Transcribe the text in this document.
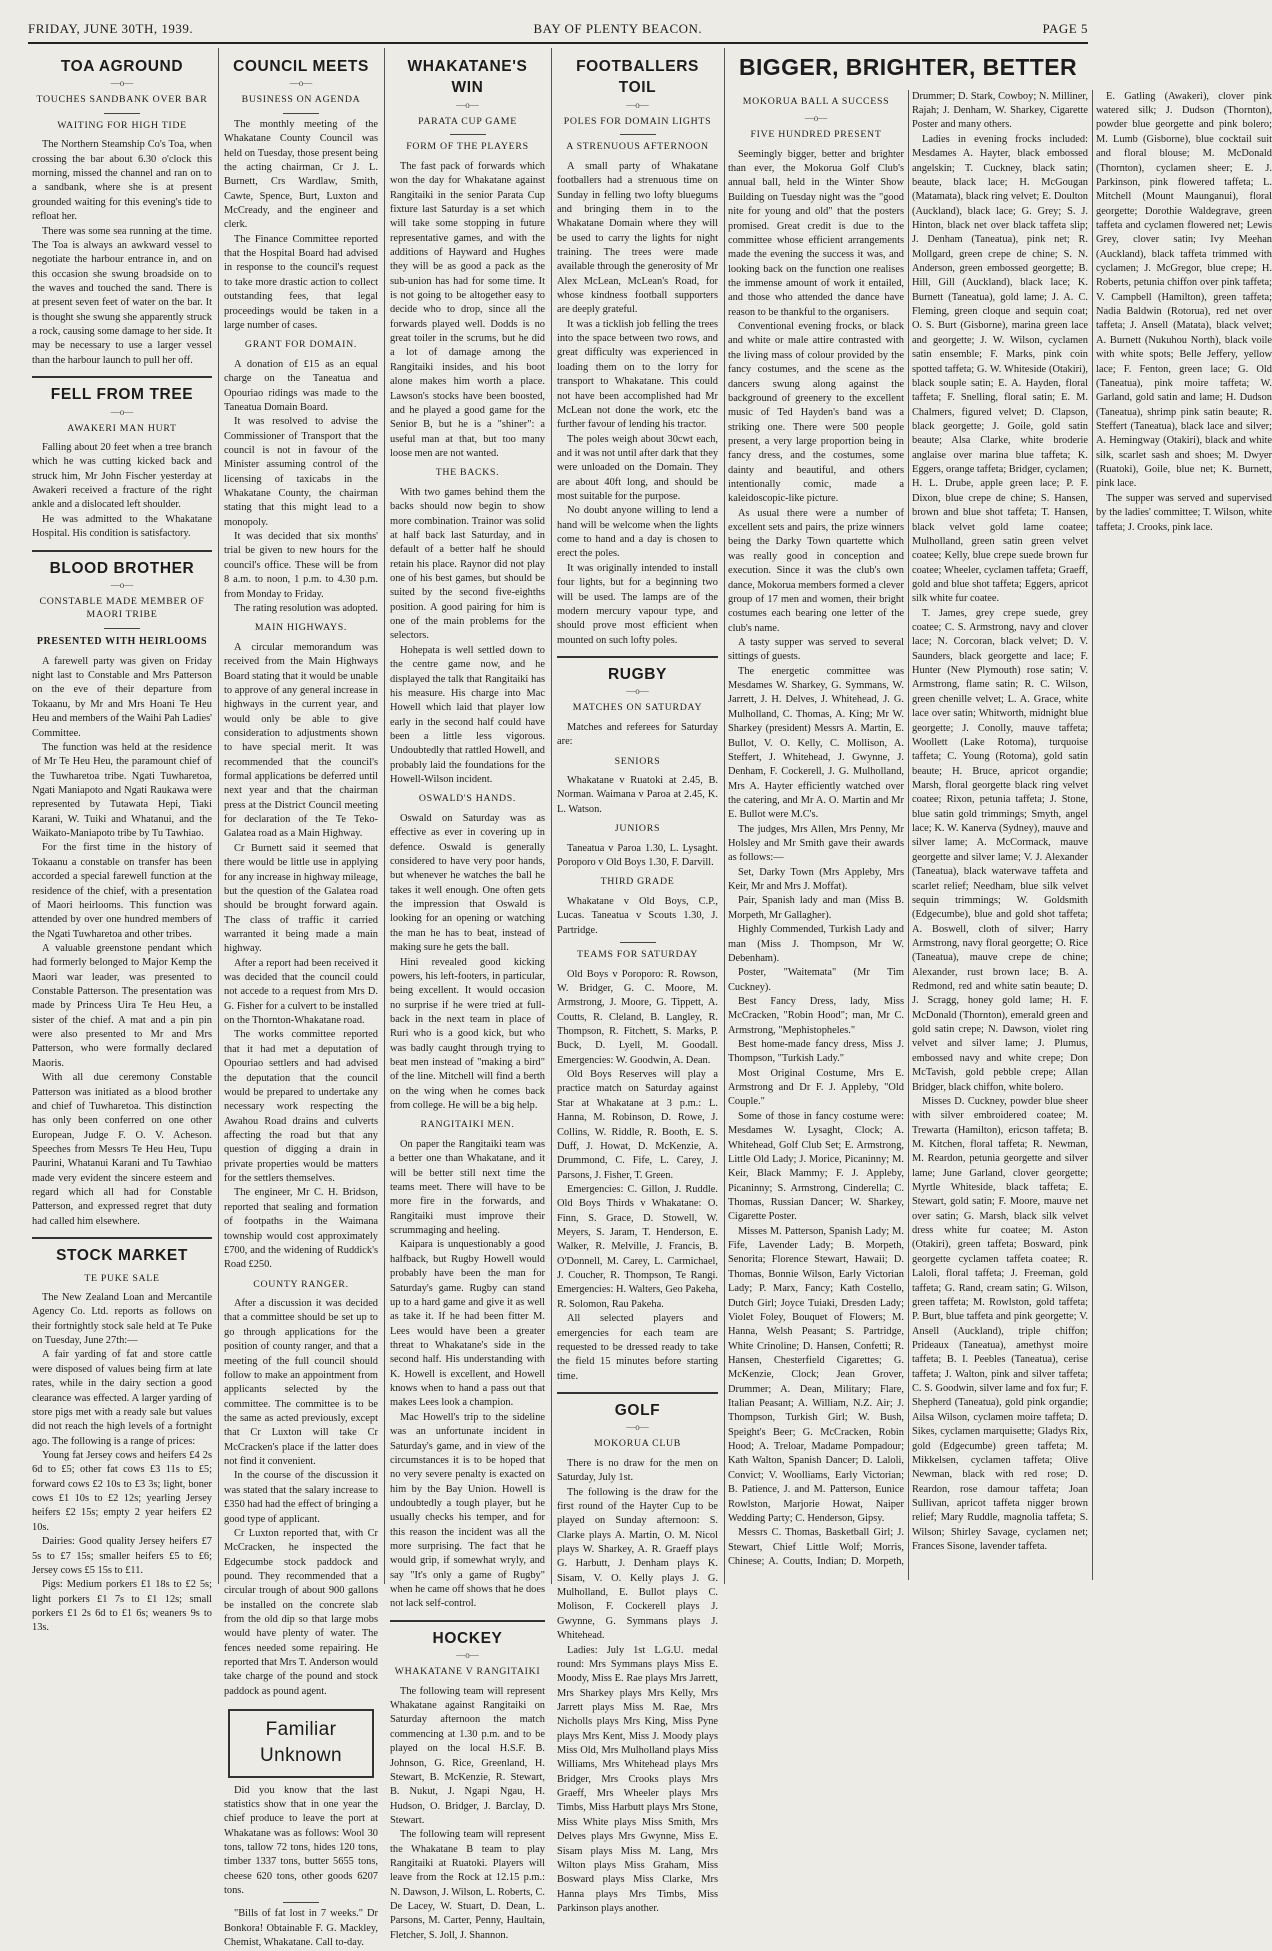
FRIDAY, JUNE 30TH, 1939.	BAY OF PLENTY BEACON.	PAGE 5
TOA AGROUND
—o—
TOUCHES SANDBANK OVER BAR
WAITING FOR HIGH TIDE

The Northern Steamship Co's Toa, when crossing the bar about 6.30 o'clock this morning, missed the channel and ran on to a sandbank, where she is at present grounded waiting for this evening's tide to refloat her.

There was some sea running at the time. The Toa is always an awkward vessel to negotiate the harbour entrance in, and on this occasion she swung broadside on to the waves and touched the sand. There is at present seven feet of water on the bar. It is thought she swung she apparently struck a rock, causing some damage to her side. It may be necessary to use a larger vessel than the harbour launch to pull her off.

FELL FROM TREE
—o—
AWAKERI MAN HURT

Falling about 20 feet when a tree branch which he was cutting kicked back and struck him, Mr John Fischer yesterday at Awakeri received a fracture of the right ankle and a dislocated left shoulder.

He was admitted to the Whakatane Hospital. His condition is satisfactory.

BLOOD BROTHER
—o—
CONSTABLE MADE MEMBER OF MAORI TRIBE
PRESENTED WITH HEIRLOOMS

A farewell party was given on Friday night last to Constable and Mrs Patterson on the eve of their departure from Tokaanu, by Mr and Mrs Hoani Te Heu Heu and members of the Waihi Pah Ladies' Committee.

The function was held at the residence of Mr Te Heu Heu, the paramount chief of the Tuwharetoa tribe. Ngati Tuwharetoa, Ngati Maniapoto and Ngati Raukawa were represented by Tutawata Hepi, Tiaki Karani, W. Tuiki and Whatanui, and the Waikato-Maniapoto tribe by Tu Tawhiao.

For the first time in the history of Tokaanu a constable on transfer has been accorded a special farewell function at the residence of the chief, with a presentation of Maori heirlooms. This function was attended by over one hundred members of the Ngati Tuwharetoa and other tribes.

A valuable greenstone pendant which had formerly belonged to Major Kemp the Maori war leader, was presented to Constable Patterson. The presentation was made by Princess Uira Te Heu Heu, a sister of the chief. A mat and a pin pin were also presented to Mr and Mrs Patterson, who were formally declared Maoris.

With all due ceremony Constable Patterson was initiated as a blood brother and chief of Tuwharetoa. This distinction has only been conferred on one other European, Judge F. O. V. Acheson. Speeches from Messrs Te Heu Heu, Tupu Paurini, Whatanui Karani and Tu Tawhiao made very evident the sincere esteem and regard which all had for Constable Patterson, and expressed regret that duty had called him elsewhere.

STOCK MARKET
TE PUKE SALE

The New Zealand Loan and Mercantile Agency Co. Ltd. reports as follows on their fortnightly stock sale held at Te Puke on Tuesday, June 27th:—

A fair yarding of fat and store cattle were disposed of values being firm at late rates, while in the dairy section a good clearance was effected. A larger yarding of store pigs met with a ready sale but values did not reach the high levels of a fortnight ago. The following is a range of prices:

Young fat Jersey cows and heifers £4 2s 6d to £5; other fat cows £3 11s to £5; forward cows £2 10s to £3 3s; light, boner cows £1 10s to £2 12s; yearling Jersey heifers £2 15s; empty 2 year heifers £2 10s.

Dairies: Good quality Jersey heifers £7 5s to £7 15s; smaller heifers £5 to £6; Jersey cows £5 15s to £11.

Pigs: Medium porkers £1 18s to £2 5s; light porkers £1 7s to £1 12s; small porkers £1 2s 6d to £1 6s; weaners 9s to 13s.

COUNCIL MEETS
—o—
BUSINESS ON AGENDA

The monthly meeting of the Whakatane County Council was held on Tuesday, those present being the acting chairman, Cr J. L. Burnett, Crs Wardlaw, Smith, Cawte, Spence, Burt, Luxton and McCready, and the engineer and clerk.

The Finance Committee reported that the Hospital Board had advised in response to the council's request to take more drastic action to collect outstanding fees, that legal proceedings would be taken in a large number of cases.

GRANT FOR DOMAIN.

A donation of £15 as an equal charge on the Taneatua and Opouriao ridings was made to the Taneatua Domain Board.

It was resolved to advise the Commissioner of Transport that the council is not in favour of the Minister assuming control of the licensing of taxicabs in the Whakatane County, the chairman stating that this might lead to a monopoly.

It was decided that six months' trial be given to new hours for the council's office. These will be from 8 a.m. to noon, 1 p.m. to 4.30 p.m. from Monday to Friday.

The rating resolution was adopted.

MAIN HIGHWAYS.

A circular memorandum was received from the Main Highways Board stating that it would be unable to approve of any general increase in highways in the current year, and would only be able to give consideration to adjustments shown to have special merit. It was recommended that the council's formal applications be deferred until next year and that the chairman press at the District Council meeting for declaration of the Te Teko-Galatea road as a Main Highway.

Cr Burnett said it seemed that there would be little use in applying for any increase in highway mileage, but the question of the Galatea road should be brought forward again. The class of traffic it carried warranted it being made a main highway.

After a report had been received it was decided that the council could not accede to a request from Mrs D. G. Fisher for a culvert to be installed on the Thornton-Whakatane road.

The works committee reported that it had met a deputation of Opouriao settlers and had advised the deputation that the council would be prepared to undertake any necessary work respecting the Awahou Road drains and culverts affecting the road but that any question of digging a drain in private properties would be matters for the settlers themselves.

The engineer, Mr C. H. Bridson, reported that sealing and formation of footpaths in the Waimana township would cost approximately £700, and the widening of Ruddick's Road £250.

COUNTY RANGER.

After a discussion it was decided that a committee should be set up to go through applications for the position of county ranger, and that a meeting of the full council should follow to make an appointment from applicants selected by the committee. The committee is to be the same as acted previously, except that Cr Luxton will take Cr McCracken's place if the latter does not find it convenient.

In the course of the discussion it was stated that the salary increase to £350 had had the effect of bringing a good type of applicant.

Cr Luxton reported that, with Cr McCracken, he inspected the Edgecumbe stock paddock and pound. They recommended that a circular trough of about 900 gallons be installed on the concrete slab from the old dip so that large mobs would have plenty of water. The fences needed some repairing. He reported that Mrs T. Anderson would take charge of the pound and stock paddock as pound agent.

Familiar Unknown

Did you know that the last statistics show that in one year the chief produce to leave the port at Whakatane was as follows: Wool 30 tons, tallow 72 tons, hides 120 tons, timber 1337 tons, butter 5655 tons, cheese 620 tons, other goods 6207 tons.

"Bills of fat lost in 7 weeks." Dr Bonkora! Obtainable F. G. Mackley, Chemist, Whakatane. Call to-day.

WHAKATANE'S WIN
—o—
PARATA CUP GAME
FORM OF THE PLAYERS

The fast pack of forwards which won the day for Whakatane against Rangitaiki in the senior Parata Cup fixture last Saturday is a set which will take some stopping in future representative games, and with the additions of Hayward and Hughes they will be as good a pack as the sub-union has had for some time. It is not going to be altogether easy to decide who to drop, since all the forwards played well. Dodds is no great toiler in the scrums, but he did a lot of damage among the Rangitaiki insides, and his boot alone makes him worth a place. Lawson's stocks have been boosted, and he played a good game for the Senior B, but he is a "shiner": a useful man at that, but too many loose men are not wanted.

THE BACKS.

With two games behind them the backs should now begin to show more combination. Trainor was solid at half back last Saturday, and in default of a better half he should retain his place. Raynor did not play one of his best games, but should be suited by the second five-eighths position. A good pairing for him is one of the main problems for the selectors.

Hohepata is well settled down to the centre game now, and he displayed the talk that Rangitaiki has his measure. His charge into Mac Howell which laid that player low early in the second half could have been a little less vigorous. Undoubtedly that rattled Howell, and probably laid the foundations for the Howell-Wilson incident.

OSWALD'S HANDS.

Oswald on Saturday was as effective as ever in covering up in defence. Oswald is generally considered to have very poor hands, but whenever he watches the ball he takes it well enough. One often gets the impression that Oswald is looking for an opening or watching the man he has to beat, instead of making sure he gets the ball.

Hini revealed good kicking powers, his left-footers, in particular, being excellent. It would occasion no surprise if he were tried at full-back in the next team in place of Ruri who is a good kick, but who was badly caught through trying to beat men instead of "making a bird" of the line. Mitchell will find a berth on the wing when he comes back from college. He will be a big help.

RANGITAIKI MEN.

On paper the Rangitaiki team was a better one than Whakatane, and it will be better still next time the teams meet. There will have to be more fire in the forwards, and Rangitaiki must improve their scrummaging and heeling.

Kaipara is unquestionably a good halfback, but Rugby Howell would probably have been the man for Saturday's game. Rugby can stand up to a hard game and give it as well as take it. If he had been fitter M. Lees would have been a greater threat to Whakatane's side in the second half. His understanding with K. Howell is excellent, and Howell knows when to hand a pass out that makes Lees look a champion.

Mac Howell's trip to the sideline was an unfortunate incident in Saturday's game, and in view of the circumstances it is to be hoped that no very severe penalty is exacted on him by the Bay Union. Howell is undoubtedly a tough player, but he usually checks his temper, and for this reason the incident was all the more surprising. The fact that he would grip, if somewhat wryly, and say "It's only a game of Rugby" when he came off shows that he does not lack self-control.

HOCKEY
—o—
WHAKATANE V RANGITAIKI

The following team will represent Whakatane against Rangitaiki on Saturday afternoon the match commencing at 1.30 p.m. and to be played on the local H.S.F. B. Johnson, G. Rice, Greenland, H. Stewart, B. McKenzie, R. Stewart, B. Nukut, J. Ngapi Ngau, H. Hudson, O. Bridger, J. Barclay, D. Stewart.

The following team will represent the Whakatane B team to play Rangitaiki at Ruatoki. Players will leave from the Rock at 12.15 p.m.: N. Dawson, J. Wilson, L. Roberts, C. De Lacey, W. Stuart, D. Dean, L. Parsons, M. Carter, Penny, Haultain, Fletcher, S. Joll, J. Shannon.

FOOTBALLERS TOIL
—o—
POLES FOR DOMAIN LIGHTS
A STRENUOUS AFTERNOON

A small party of Whakatane footballers had a strenuous time on Sunday in felling two lofty bluegums and bringing them in to the Whakatane Domain where they will be used to carry the lights for night training. The trees were made available through the generosity of Mr Alex McLean, McLean's Road, for whose kindness football supporters are deeply grateful.

It was a ticklish job felling the trees into the space between two rows, and great difficulty was experienced in loading them on to the lorry for transport to Whakatane. This could not have been accomplished had Mr McLean not done the work, etc the further favour of lending his tractor.

The poles weigh about 30cwt each, and it was not until after dark that they were unloaded on the Domain. They are about 40ft long, and should be most suitable for the purpose.

No doubt anyone willing to lend a hand will be welcome when the lights come to hand and a day is chosen to erect the poles.

It was originally intended to install four lights, but for a beginning two will be used. The lamps are of the modern mercury vapour type, and should prove most efficient when mounted on such lofty poles.

RUGBY
—o—
MATCHES ON SATURDAY

Matches and referees for Saturday are:

SENIORS

Whakatane v Ruatoki at 2.45, B. Norman. Waimana v Paroa at 2.45, K. L. Watson.

JUNIORS

Taneatua v Paroa 1.30, L. Lysaght. Poroporo v Old Boys 1.30, F. Darvill.

THIRD GRADE

Whakatane v Old Boys, C.P., Lucas. Taneatua v Scouts 1.30, J. Partridge.

TEAMS FOR SATURDAY

Old Boys v Poroporo: R. Rowson, W. Bridger, G. C. Moore, M. Armstrong, J. Moore, G. Tippett, A. Coutts, R. Cleland, B. Langley, R. Thompson, R. Fitchett, S. Marks, P. Buck, D. Lyell, M. Goodall. Emergencies: W. Goodwin, A. Dean.

Old Boys Reserves will play a practice match on Saturday against Star at Whakatane at 3 p.m.: L. Hanna, M. Robinson, D. Rowe, J. Collins, W. Riddle, R. Booth, E. S. Duff, J. Howat, D. McKenzie, A. Drummond, C. Fife, L. Carey, J. Parsons, J. Fisher, T. Green.

Emergencies: C. Gillon, J. Ruddle. Old Boys Thirds v Whakatane: O. Finn, S. Grace, D. Stowell, W. Meyers, S. Jaram, T. Henderson, E. Walker, R. Melville, J. Francis, B. O'Donnell, M. Carey, L. Carmichael, J. Coucher, R. Thompson, Te Rangi. Emergencies: H. Walters, Geo Pakeha, R. Solomon, Rau Pakeha.

All selected players and emergencies for each team are requested to be dressed ready to take the field 15 minutes before starting time.

GOLF
—o—
MOKORUA CLUB

There is no draw for the men on Saturday, July 1st.

The following is the draw for the first round of the Hayter Cup to be played on Sunday afternoon: S. Clarke plays A. Martin, O. M. Nicol plays W. Sharkey, A. R. Graeff plays G. Harbutt, J. Denham plays K. Sisam, V. O. Kelly plays J. G. Mulholland, E. Bullot plays C. Molison, F. Cockerell plays J. Gwynne, G. Symmans plays J. Whitehead.

Ladies: July 1st L.G.U. medal round: Mrs Symmans plays Miss E. Moody, Miss E. Rae plays Mrs Jarrett, Mrs Sharkey plays Mrs Kelly, Mrs Jarrett plays Miss M. Rae, Mrs Nicholls plays Mrs King, Miss Pyne plays Mrs Kent, Miss J. Moody plays Miss Old, Mrs Mulholland plays Miss Williams, Mrs Whitehead plays Mrs Bridger, Mrs Crooks plays Mrs Graeff, Mrs Wheeler plays Mrs Timbs, Miss Harbutt plays Mrs Stone, Miss White plays Miss Smith, Mrs Delves plays Mrs Gwynne, Miss E. Sisam plays Miss M. Lang, Mrs Wilton plays Miss Graham, Miss Bosward plays Miss Clarke, Mrs Hanna plays Mrs Timbs, Miss Parkinson plays another.

BIGGER, BRIGHTER, BETTER
MOKORUA BALL A SUCCESS
—o—
FIVE HUNDRED PRESENT

Seemingly bigger, better and brighter than ever, the Mokorua Golf Club's annual ball, held in the Winter Show Building on Tuesday night was the "good nite for young and old" that the posters promised. Great credit is due to the committee whose efficient arrangements made the evening the success it was, and looking back on the function one realises the immense amount of work it entailed, and those who attended the dance have reason to be thankful to the organisers.

Conventional evening frocks, or black and white or male attire contrasted with the living mass of colour provided by the fancy costumes, and the scene as the dancers swung along against the background of greenery to the excellent music of Ted Hayden's band was a striking one. There were 500 people present, a very large proportion being in fancy dress, and the costumes, some dainty and beautiful, and others intentionally comic, made a kaleidoscopic-like picture.

As usual there were a number of excellent sets and pairs, the prize winners being the Darky Town quartette which was really good in conception and execution. Since it was the club's own dance, Mokorua members formed a clever group of 17 men and women, their bright costumes each bearing one letter of the club's name.

A tasty supper was served to several sittings of guests.

The energetic committee was Mesdames W. Sharkey, G. Symmans, W. Jarrett, J. H. Delves, J. Whitehead, J. G. Mulholland, C. Thomas, A. King; Mr W. Sharkey (president) Messrs A. Martin, E. Bullot, V. O. Kelly, C. Mollison, A. Steffert, J. Whitehead, J. Gwynne, J. Denham, F. Cockerell, J. G. Mulholland, Mrs A. Hayter efficiently watched over the catering, and Mr A. O. Martin and Mr E. Bullot were M.C's.

The judges, Mrs Allen, Mrs Penny, Mr Holsley and Mr Smith gave their awards as follows:—

Set, Darky Town (Mrs Appleby, Mrs Keir, Mr and Mrs J. Moffat).

Pair, Spanish lady and man (Miss B. Morpeth, Mr Gallagher).

Highly Commended, Turkish Lady and man (Miss J. Thompson, Mr W. Debenham).

Poster, "Waitemata" (Mr Tim Cuckney).

Best Fancy Dress, lady, Miss McCracken, "Robin Hood"; man, Mr C. Armstrong, "Mephistopheles."

Best home-made fancy dress, Miss J. Thompson, "Turkish Lady."

Most Original Costume, Mrs E. Armstrong and Dr F. J. Appleby, "Old Couple."

Some of those in fancy costume were: Mesdames W. Lysaght, Clock; A. Whitehead, Golf Club Set; E. Armstrong, Little Old Lady; J. Morice, Picaninny; M. Keir, Black Mammy; F. J. Appleby, Picaninny; S. Armstrong, Cinderella; C. Thomas, Russian Dancer; W. Sharkey, Cigarette Poster.

Misses M. Patterson, Spanish Lady; M. Fife, Lavender Lady; B. Morpeth, Senorita; Florence Stewart, Hawaii; D. Thomas, Bonnie Wilson, Early Victorian Lady; P. Marx, Fancy; Kath Costello, Dutch Girl; Joyce Tuiaki, Dresden Lady; Violet Foley, Bouquet of Flowers; M. Hanna, Welsh Peasant; S. Partridge, White Crinoline; D. Hansen, Confetti; R. Hansen, Chesterfield Cigarettes; G. McKenzie, Clock; Jean Grover, Drummer; A. Dean, Military; Flare, Italian Peasant; A. William, N.Z. Air; J. Thompson, Turkish Girl; W. Bush, Speight's Beer; G. McCracken, Robin Hood; A. Treloar, Madame Pompadour; Kath Walton, Spanish Dancer; D. Laloli, Convict; V. Woolliams, Early Victorian; B. Patience, J. and M. Patterson, Eunice Rowlston, Marjorie Howat, Naiper Wedding Party; C. Henderson, Gipsy.

Messrs C. Thomas, Basketball Girl; J. Stewart, Chief Little Wolf; Morris, Chinese; A. Coutts, Indian; D. Morpeth, Drummer; D. Stark, Cowboy; N. Milliner, Rajah; J. Denham, W. Sharkey, Cigarette Poster and many others.

Ladies in evening frocks included: Mesdames A. Hayter, black embossed angelskin; T. Cuckney, black satin; beaute, black lace; H. McGougan (Matamata), black ring velvet; E. Doulton (Auckland), black lace; G. Grey; S. J. Hinton, black net over black taffeta slip; J. Denham (Taneatua), pink net; R. Mollgard, green crepe de chine; S. N. Anderson, green embossed georgette; B. Hill, Gill (Auckland), black lace; K. Burnett (Taneatua), gold lame; J. A. C. Fleming, green cloque and sequin coat; O. S. Burt (Gisborne), marina green lace and georgette; J. W. Wilson, cyclamen satin ensemble; F. Marks, pink coin spotted taffeta; G. W. Whiteside (Otakiri), black souple satin; E. A. Hayden, floral taffeta; F. Snelling, floral satin; E. M. Chalmers, figured velvet; D. Clapson, black georgette; J. Goile, gold satin beaute; Alsa Clarke, white broderie anglaise over marina blue taffeta; K. Eggers, orange taffeta; Bridger, cyclamen; H. L. Drube, apple green lace; P. F. Dixon, blue crepe de chine; S. Hansen, brown and blue shot taffeta; T. Hansen, black velvet gold lame coatee; Mulholland, green satin green velvet coatee; Kelly, blue crepe suede brown fur coatee; Wheeler, cyclamen taffeta; Graeff, gold and blue shot taffeta; Eggers, apricot silk white fur coatee.

T. James, grey crepe suede, grey coatee; C. S. Armstrong, navy and clover lace; N. Corcoran, black velvet; D. V. Saunders, black georgette and lace; F. Hunter (New Plymouth) rose satin; V. Armstrong, flame satin; R. C. Wilson, green chenille velvet; L. A. Grace, white lace over satin; Whitworth, midnight blue georgette; J. Conolly, mauve taffeta; Woollett (Lake Rotoma), turquoise taffeta; C. Young (Rotoma), gold satin beaute; H. Bruce, apricot organdie; Marsh, floral georgette black ring velvet coatee; Rixon, petunia taffeta; J. Stone, blue satin gold trimmings; Smyth, angel lace; K. W. Kanerva (Sydney), mauve and silver lame; A. McCormack, mauve georgette and silver lame; V. J. Alexander (Taneatua), black waterwave taffeta and scarlet relief; Needham, blue silk velvet sequin trimmings; W. Goldsmith (Edgecumbe), blue and gold shot taffeta; A. Boswell, cloth of silver; Harry Armstrong, navy floral georgette; O. Rice (Taneatua), mauve crepe de chine; Alexander, rust brown lace; B. A. Redmond, red and white satin beaute; D. J. Scragg, honey gold lame; H. F. McDonald (Thornton), emerald green and gold satin crepe; N. Dawson, violet ring velvet and silver lame; J. Plumus, embossed navy and white crepe; Don McTavish, gold pebble crepe; Allan Bridger, black chiffon, white bolero.

Misses D. Cuckney, powder blue sheer with silver embroidered coatee; M. Trewarta (Hamilton), ericson taffeta; B. M. Kitchen, floral taffeta; R. Newman, M. Reardon, petunia georgette and silver lame; June Garland, clover georgette; Myrtle Whiteside, black taffeta; E. Stewart, gold satin; F. Moore, mauve net over satin; G. Marsh, black silk velvet dress white fur coatee; M. Aston (Otakiri), green taffeta; Bosward, pink georgette cyclamen taffeta coatee; R. Laloli, floral taffeta; J. Freeman, gold taffeta; G. Rand, cream satin; G. Wilson, green taffeta; M. Rowlston, gold taffeta; P. Burt, blue taffeta and pink georgette; V. Ansell (Auckland), triple chiffon; Prideaux (Taneatua), amethyst moire taffeta; B. I. Peebles (Taneatua), cerise taffeta; J. Walton, pink and silver taffeta; C. S. Goodwin, silver lame and fox fur; F. Shepherd (Taneatua), gold pink organdie; Ailsa Wilson, cyclamen moire taffeta; D. Sikes, cyclamen marquisette; Gladys Rix, gold (Edgecumbe) green taffeta; M. Mikkelsen, cyclamen taffeta; Olive Newman, black with red rose; D. Reardon, rose damour taffeta; Joan Sullivan, apricot taffeta nigger brown relief; Mary Ruddle, magnolia taffeta; S. Wilson; Shirley Savage, cyclamen net; Frances Sisone, lavender taffeta.

E. Gatling (Awakeri), clover pink watered silk; J. Dudson (Thornton), powder blue georgette and pink bolero; M. Lumb (Gisborne), blue cocktail suit and floral blouse; M. McDonald (Thornton), cyclamen sheer; E. J. Parkinson, pink flowered taffeta; L. Mitchell (Mount Maunganui), floral georgette; Dorothie Waldegrave, green taffeta and cyclamen flowered net; Lewis Grey, clover satin; Ivy Meehan (Auckland), black taffeta trimmed with cyclamen; J. McGregor, blue crepe; H. Roberts, petunia chiffon over pink taffeta; V. Campbell (Hamilton), green taffeta; Nadia Baldwin (Rotorua), red net over taffeta; J. Ansell (Matata), black velvet; A. Burnett (Nukuhou North), black voile with white spots; Belle Jeffery, yellow lace; F. Fenton, green lace; G. Old (Taneatua), pink moire taffeta; W. Garland, gold satin and lame; H. Dudson (Taneatua), shrimp pink satin beaute; R. Steffert (Taneatua), black lace and silver; A. Hemingway (Otakiri), black and white silk, scarlet sash and shoes; M. Dwyer (Ruatoki), Goile, blue net; K. Burnett, pink lace.

The supper was served and supervised by the ladies' committee; T. Wilson, white taffeta; J. Crooks, pink lace.
